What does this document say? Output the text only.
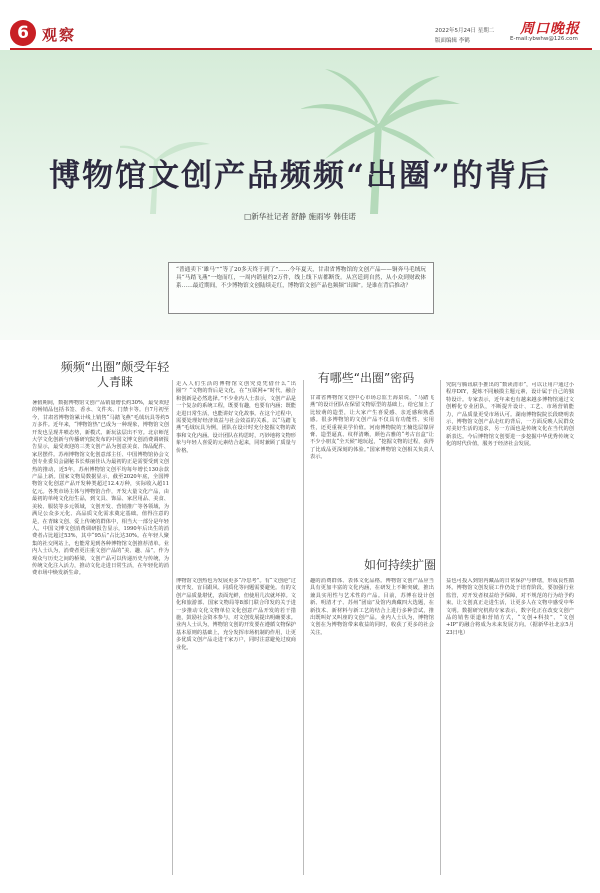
6 观察	2022年5月24日 星期二
版面编辑 李鹤	E-mail:ybwhw@126.com
周口晚报
博物馆文创产品频频“出圈”的背后
□新华社记者 舒静 施雨岑 韩佳诺
“普通卖下‘雄马’”“等了20多天终于到了”……今年夏天，甘肃省博物馆的文创产品——铜奔马毛绒玩具“马踏飞燕”一炮而红，一周内销量约2万件，线上线下店都断货。从宫廷到自然，从小众到财政体系……最近期间，不少博物馆文创陆续走红，博物馆文创产品也频频“出圈”。是谁在背后推动？
频频“出圈”颇受年轻人青睐	有哪些“出圈”密码
如何持续扩圈
暑假期间，数据博物馆文创产品销量增长约30%，最受欢迎的畅销品包括书签、香水、文件夹、门禁卡等。自7月初至今，甘肃省博物馆累计线上销售“马踏飞燕”毛绒玩具等约5万多件。近年来，“博物馆热”已成为一种现象，博物馆文创开发也呈现井喷态势，新模式、新玩法层出不穷。北京师范大学文化创新与传播研究院发布的中国文博文创消费调研报告显示，最受欢迎的三类文创产品为创意美食、饰品配件、家居摆件。苏州博物馆文化创意部主任、中国博物馆协会文创专业委员会副秘书长蔡丽佳认为最初的正是需要受到文创热的推动，近5年，苏州博物馆文创平均每年增长130余款产品上新。国家文物局数据显示，截至2020年底，全国博物馆文化创意产品开发种类超过12.4万种，实际收入超11亿元。各类市场主体与博物馆合作，开发大量文化产品，由最初的单纯文化衍生品，到文具、饰品、家居用品、美食、美妆、服装等多元领域，文创开发、营销推广等各领域，为满足公众多元化、高品质文化需求奠定基础。值得注意的是，在青睐文创、爱上传统的群体中，相当大一部分是年轻人。中国文博文创消费调研报告显示，1990年后出生的消费者占比超过53%，其中“95后”占比达30%。在年轻人聚集的社交网站上，也能常见到各种博物馆文创推荐清单。业内人士认为，消费者更注重文创产品的“美、趣、品”，作为观众与历史之间的桥梁，文创产品可以传递历史与传统，为传统文化注入活力，推动文化走进日常生活，在年轻化的消费市场中焕发新生命。
走入人们生活的博物馆文创究竟凭借什么“出圈”？“文物的背后是文化，在“互联网+”时代，融合和创新是必然选择。”不少业内人士表示，文创产品是一个复杂的系统工程，既要有趣，也要有内涵；既能走进日常生活，也能讲好文化故事。在这个过程中，需要处理好经济效益与社会效益的关系。以“马踏飞燕”毛绒玩具为例，团队在设计时充分挖掘文物的故事和文化内涵。设计团队在构思时，巧妙地将文物形象与年轻人喜爱的元素结合起来，同时兼顾了质量与价格。
甘肃省博物馆文创中心市场总监王海泉说，“马踏飞燕”的设计团队在保留文物原型的基础上，给它加上了比较萌的造型，让大家产生喜爱感、亲近感和熟悉感。很多博物馆的文创产品不仅具有功能性、实用性，还更重视美学价值。河南博物院的王楠迭层镍屏膏、造型逼真、纹样清晰，颜色古雅的“考古盲盒”让不少小朋友“全天候”地玩起，“挖掘文物的过程，获得了比成品更深刻的体验。”国家博物馆文创相关负责人表示。
究院与腾讯联手推出的“数读清市”，可以让用户通过小程序DIY，提炼不同触摸主题元素，设计属于自己的独特设计。专家表示，近年来也有越来越多博物馆通过文创孵化专业团队，不断提升设计、工艺、市场营销能力，产品质量更受市场认可。湖南博物院院长段晓明表示，博物馆文创产品走红的背后，一方面反映人民群众对美好生活的追求，另一方面也是传统文化在当代的创新表达。今后博物馆文创要进一步挖掘中华优秀传统文化的时代价值，服务于经济社会发展。
博物馆文创热也为发展更多“冷思考”。有“文创逆”过度开发、盲目跟风、同质化等问题需要避免。有的文创产品质量堪忧，表面光鲜，但使用几次就坏掉。文化和旅游部、国家文物局等8部门联合印发的关于进一步推动文化文物单位文化创意产品开发的若干措施，鼓励社会资本参与，对文创发展提出明确要求。业内人士认为，博物馆文创的开发要在遵循文物保护基本原则的基础上，充分发挥市场机制的作用，让更多优质文创产品走进千家万户，同时注意避免过度商业化。
趣的消费群体、表体文化品格。博物馆文创产品应当具有更加丰富的文化内涵，在研发上不断突破，推出兼具实用性与艺术性的产品。目前，苏博在设计创新、明清才子、苏州“团扇”及馆内典藏四大选题，在新技术、新材料与新工艺的结合上进行多种尝试，推出既叫好又叫座的文创产品。业内人士认为，博物馆文创在为博物馆带来收益的同时，收获了更多的社会关注。
益也可投入到馆内藏品的日常保护与修缮，形成良性循环。博物馆文创发展工作仍处于培育阶段，要加强行业监管，对开发者权益给予保障，对不规范的行为给予约束。让文创真正走进生活，让更多人在文物中感受中华文明。数据研究机构专家表示，数字化正在改变文创产品的销售渠道和营销方式，“文创+科技”、“文创+IP”的融合将成为未来发展方向。（据新华社北京5月23日电）
